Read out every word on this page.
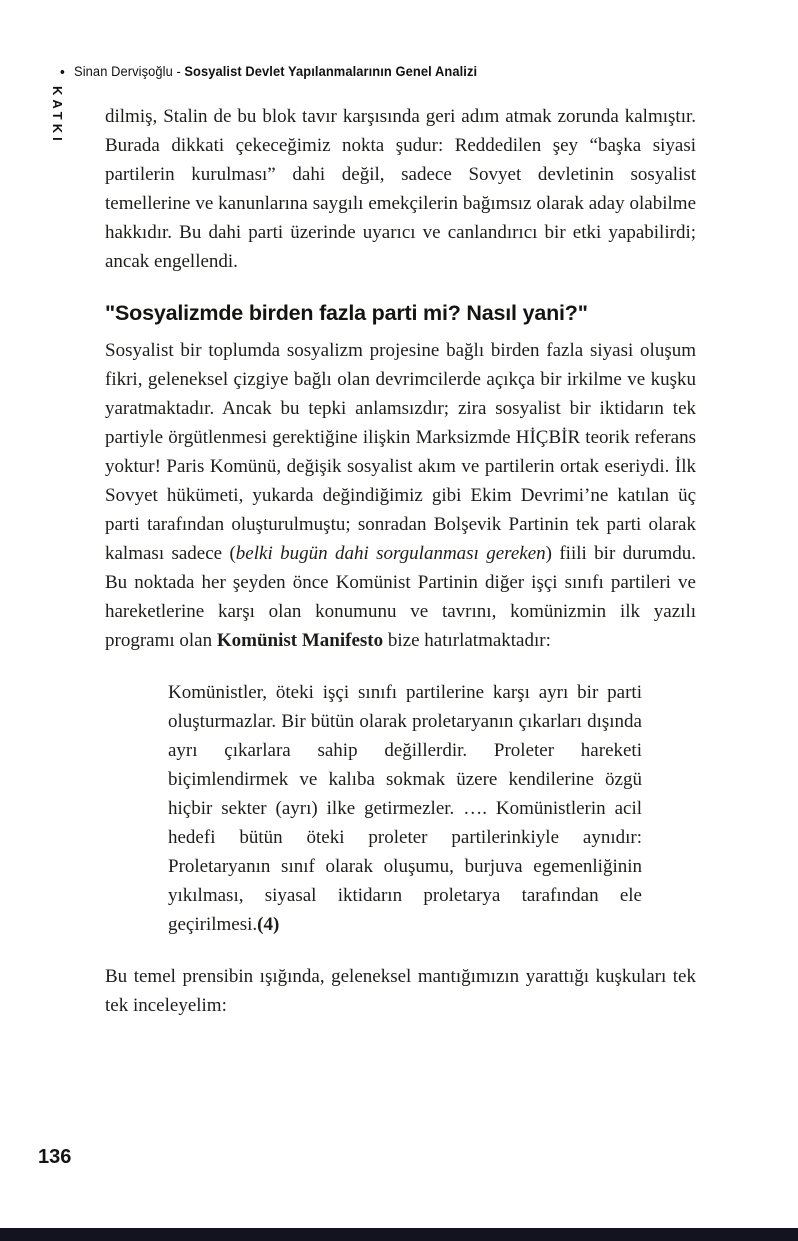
• Sinan Dervişoğlu - Sosyalist Devlet Yapılanmalarının Genel Analizi
KATKI dilmiş, Stalin de bu blok tavır karşısında geri adım atmak zorunda kalmıştır. Burada dikkati çekeceğimiz nokta şudur: Reddedilen şey “başka siyasi partilerin kurulması” dahi değil, sadece Sovyet devletinin sosyalist temellerine ve kanunlarına saygılı emekçilerin bağımsız olarak aday olabilme hakkıdır. Bu dahi parti üzerinde uyarıcı ve canlandırıcı bir etki yapabilirdi; ancak engellendi.

"Sosyalizmde birden fazla parti mi? Nasıl yani?"

Sosyalist bir toplumda sosyalizm projesine bağlı birden fazla siyasi oluşum fikri, geleneksel çizgiye bağlı olan devrimcilerde açıkça bir irkilme ve kuşku yaratmaktadır. Ancak bu tepki anlamsızdır; zira sosyalist bir iktidarın tek partiyle örgütlenmesi gerektiğine ilişkin Marksizmde HİÇBİR teorik referans yoktur! Paris Komünü, değişik sosyalist akım ve partilerin ortak eseriydi. İlk Sovyet hükümeti, yukarda değindiğimiz gibi Ekim Devrimi’ne katılan üç parti tarafından oluşturulmuştu; sonradan Bolşevik Partinin tek parti olarak kalması sadece (belki bugün dahi sorgulanması gereken) fiili bir durumdu. Bu noktada her şeyden önce Komünist Partinin diğer işçi sınıfı partileri ve hareketlerine karşı olan konumunu ve tavrını, komünizmin ilk yazılı programı olan Komünist Manifesto bize hatırlatmaktadır:

Komünistler, öteki işçi sınıfı partilerine karşı ayrı bir parti oluşturmazlar. Bir bütün olarak proletaryanın çıkarları dışında ayrı çıkarlara sahip değillerdir. Proleter hareketi biçimlendirmek ve kalıba sokmak üzere kendilerine özgü hiçbir sekter (ayrı) ilke getirmezler. …. Komünistlerin acil hedefi bütün öteki proleter partilerinkiyle aynıdır: Proletaryanın sınıf olarak oluşumu, burjuva egemenliğinin yıkılması, siyasal iktidarın proletarya tarafından ele geçirilmesi.(4)

Bu temel prensibin ışığında, geleneksel mantığımızın yarattığı kuşkuları tek tek inceleyelim:

136
